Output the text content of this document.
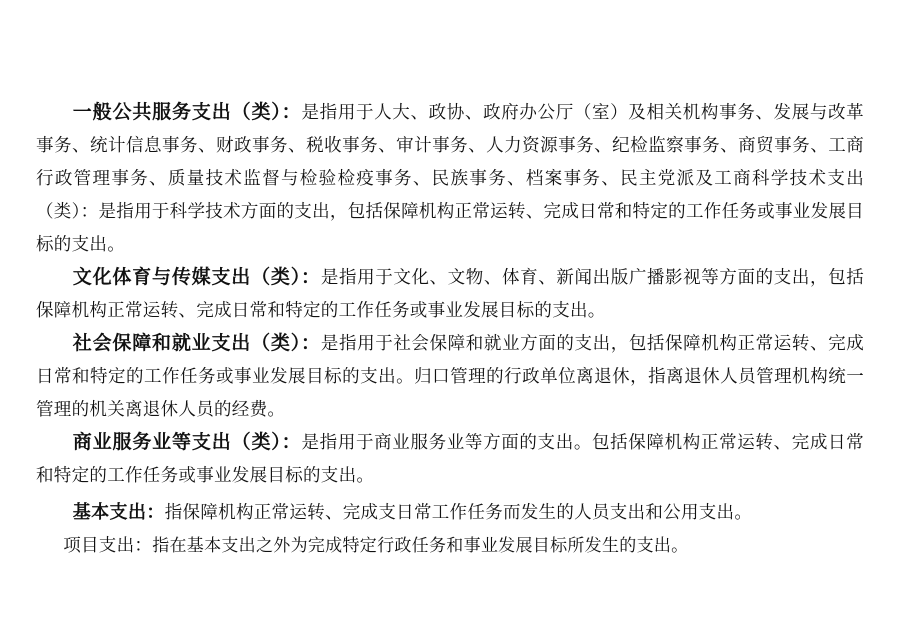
一般公共服务支出（类）：是指用于人大、政协、政府办公厅（室）及相关机构事务、发展与改革事务、统计信息事务、财政事务、税收事务、审计事务、人力资源事务、纪检监察事务、商贸事务、工商行政管理事务、质量技术监督与检验检疫事务、民族事务、档案事务、民主党派及工商科学技术支出（类）：是指用于科学技术方面的支出，包括保障机构正常运转、完成日常和特定的工作任务或事业发展目标的支出。

文化体育与传媒支出（类）：是指用于文化、文物、体育、新闻出版广播影视等方面的支出，包括保障机构正常运转、完成日常和特定的工作任务或事业发展目标的支出。

社会保障和就业支出（类）：是指用于社会保障和就业方面的支出，包括保障机构正常运转、完成日常和特定的工作任务或事业发展目标的支出。归口管理的行政单位离退休，指离退休人员管理机构统一管理的机关离退休人员的经费。

商业服务业等支出（类）：是指用于商业服务业等方面的支出。包括保障机构正常运转、完成日常和特定的工作任务或事业发展目标的支出。

基本支出：指保障机构正常运转、完成支日常工作任务而发生的人员支出和公用支出。

项目支出：指在基本支出之外为完成特定行政任务和事业发展目标所发生的支出。
